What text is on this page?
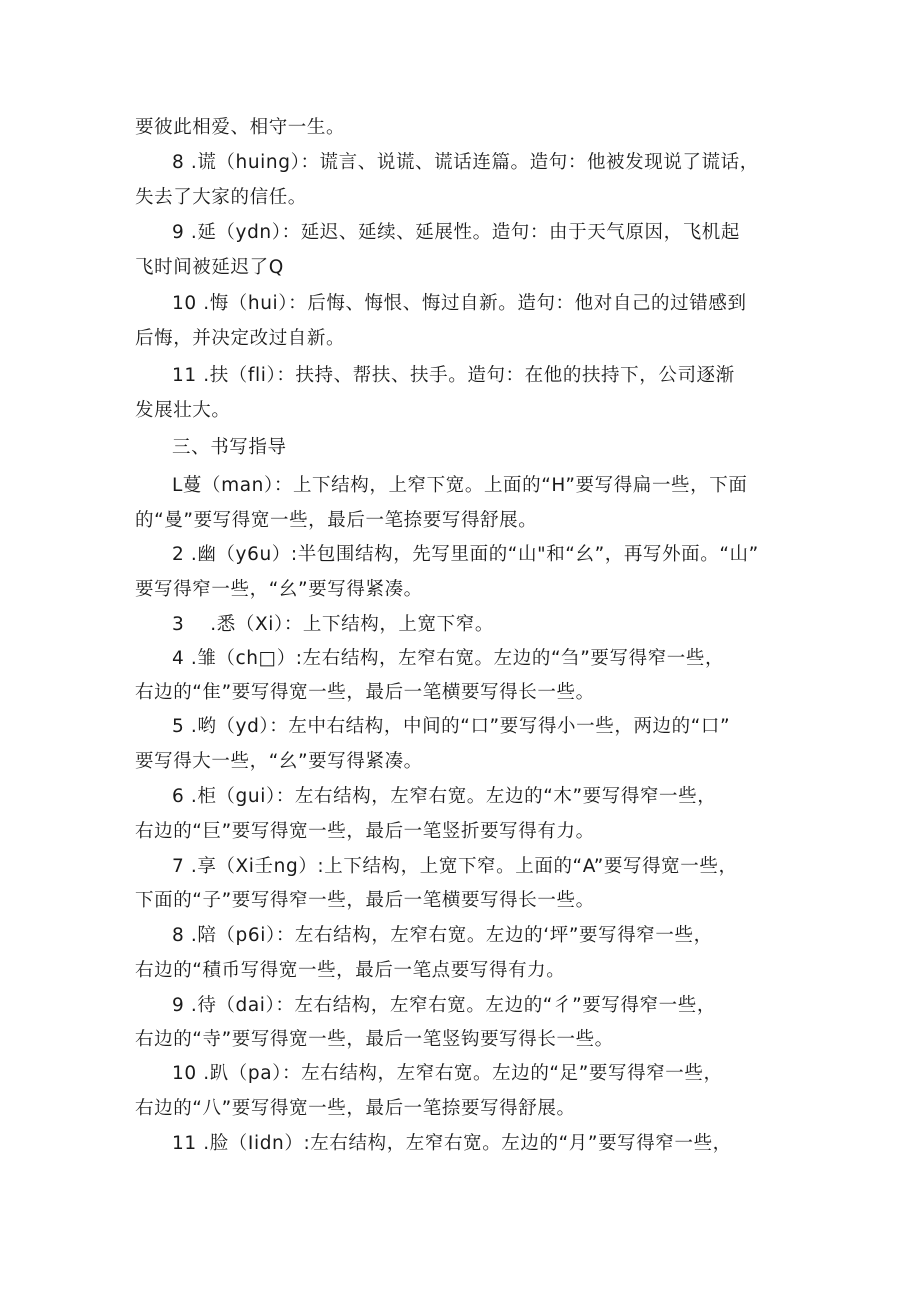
要彼此相爱、相守一生。
8 .谎（huing）：谎言、说谎、谎话连篇。造句：他被发现说了谎话，
失去了大家的信任。
9 .延（ydn）：延迟、延续、延展性。造句：由于天气原因，飞机起
飞时间被延迟了Q
10 .悔（hui）：后悔、悔恨、悔过自新。造句：他对自己的过错感到
后悔，并决定改过自新。
11 .扶（fli）：扶持、帮扶、扶手。造句：在他的扶持下，公司逐渐
发展壮大。
三、书写指导
L蔓（man）：上下结构，上窄下宽。上面的“H”要写得扁一些，下面
的“曼”要写得宽一些，最后一笔捺要写得舒展。
2 .幽（y6u）:半包围结构，先写里面的“山"和“幺”，再写外面。“山”
要写得窄一些，“幺”要写得紧凑。
3    .悉（Xi）：上下结构，上宽下窄。
4 .雏（ch□）:左右结构，左窄右宽。左边的“刍”要写得窄一些，
右边的“隹”要写得宽一些，最后一笔横要写得长一些。
5 .哟（yd）：左中右结构，中间的“口”要写得小一些，两边的“口”
要写得大一些，“幺”要写得紧凑。
6 .柜（gui）：左右结构，左窄右宽。左边的“木”要写得窄一些，
右边的“巨”要写得宽一些，最后一笔竖折要写得有力。
7 .享（Xi壬ng）:上下结构，上宽下窄。上面的“A”要写得宽一些，
下面的“子”要写得窄一些，最后一笔横要写得长一些。
8 .陪（p6i）：左右结构，左窄右宽。左边的‘坪”要写得窄一些，
右边的“積币写得宽一些，最后一笔点要写得有力。
9 .待（dai）：左右结构，左窄右宽。左边的“彳”要写得窄一些，
右边的“寺”要写得宽一些，最后一笔竖钩要写得长一些。
10 .趴（pa）：左右结构，左窄右宽。左边的“足”要写得窄一些，
右边的“八”要写得宽一些，最后一笔捺要写得舒展。
11 .脸（Iidn）:左右结构，左窄右宽。左边的“月”要写得窄一些，
